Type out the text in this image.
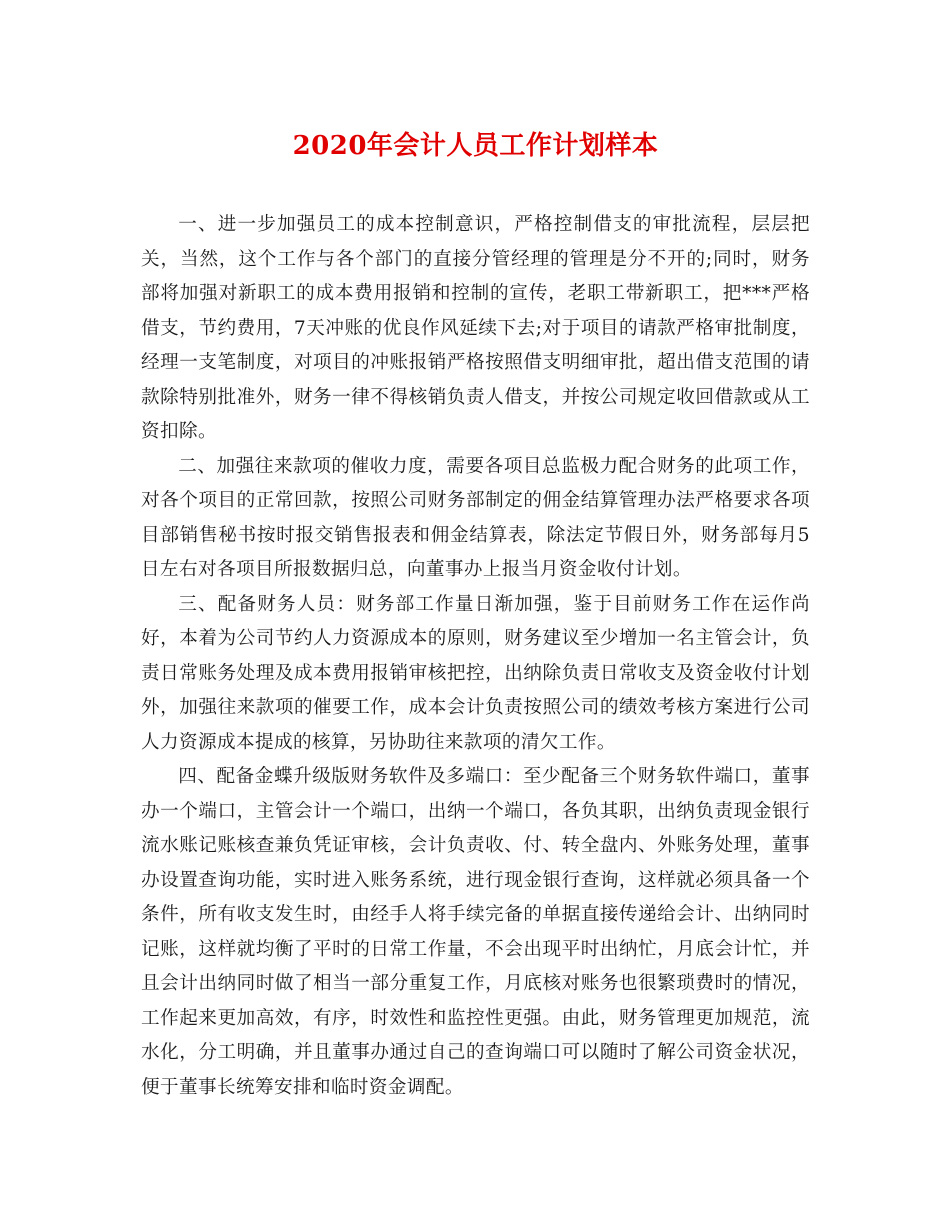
2020年会计人员工作计划样本

一、进一步加强员工的成本控制意识，严格控制借支的审批流程，层层把关，当然，这个工作与各个部门的直接分管经理的管理是分不开的;同时，财务部将加强对新职工的成本费用报销和控制的宣传，老职工带新职工，把***严格借支，节约费用，7天冲账的优良作风延续下去;对于项目的请款严格审批制度，经理一支笔制度，对项目的冲账报销严格按照借支明细审批，超出借支范围的请款除特别批准外，财务一律不得核销负责人借支，并按公司规定收回借款或从工资扣除。

二、加强往来款项的催收力度，需要各项目总监极力配合财务的此项工作，对各个项目的正常回款，按照公司财务部制定的佣金结算管理办法严格要求各项目部销售秘书按时报交销售报表和佣金结算表，除法定节假日外，财务部每月5日左右对各项目所报数据归总，向董事办上报当月资金收付计划。

三、配备财务人员：财务部工作量日渐加强，鉴于目前财务工作在运作尚好，本着为公司节约人力资源成本的原则，财务建议至少增加一名主管会计，负责日常账务处理及成本费用报销审核把控，出纳除负责日常收支及资金收付计划外，加强往来款项的催要工作，成本会计负责按照公司的绩效考核方案进行公司人力资源成本提成的核算，另协助往来款项的清欠工作。

四、配备金蝶升级版财务软件及多端口：至少配备三个财务软件端口，董事办一个端口，主管会计一个端口，出纳一个端口，各负其职，出纳负责现金银行流水账记账核查兼负凭证审核，会计负责收、付、转全盘内、外账务处理，董事办设置查询功能，实时进入账务系统，进行现金银行查询，这样就必须具备一个条件，所有收支发生时，由经手人将手续完备的单据直接传递给会计、出纳同时记账，这样就均衡了平时的日常工作量，不会出现平时出纳忙，月底会计忙，并且会计出纳同时做了相当一部分重复工作，月底核对账务也很繁琐费时的情况，工作起来更加高效，有序，时效性和监控性更强。由此，财务管理更加规范，流水化，分工明确，并且董事办通过自己的查询端口可以随时了解公司资金状况，便于董事长统筹安排和临时资金调配。
